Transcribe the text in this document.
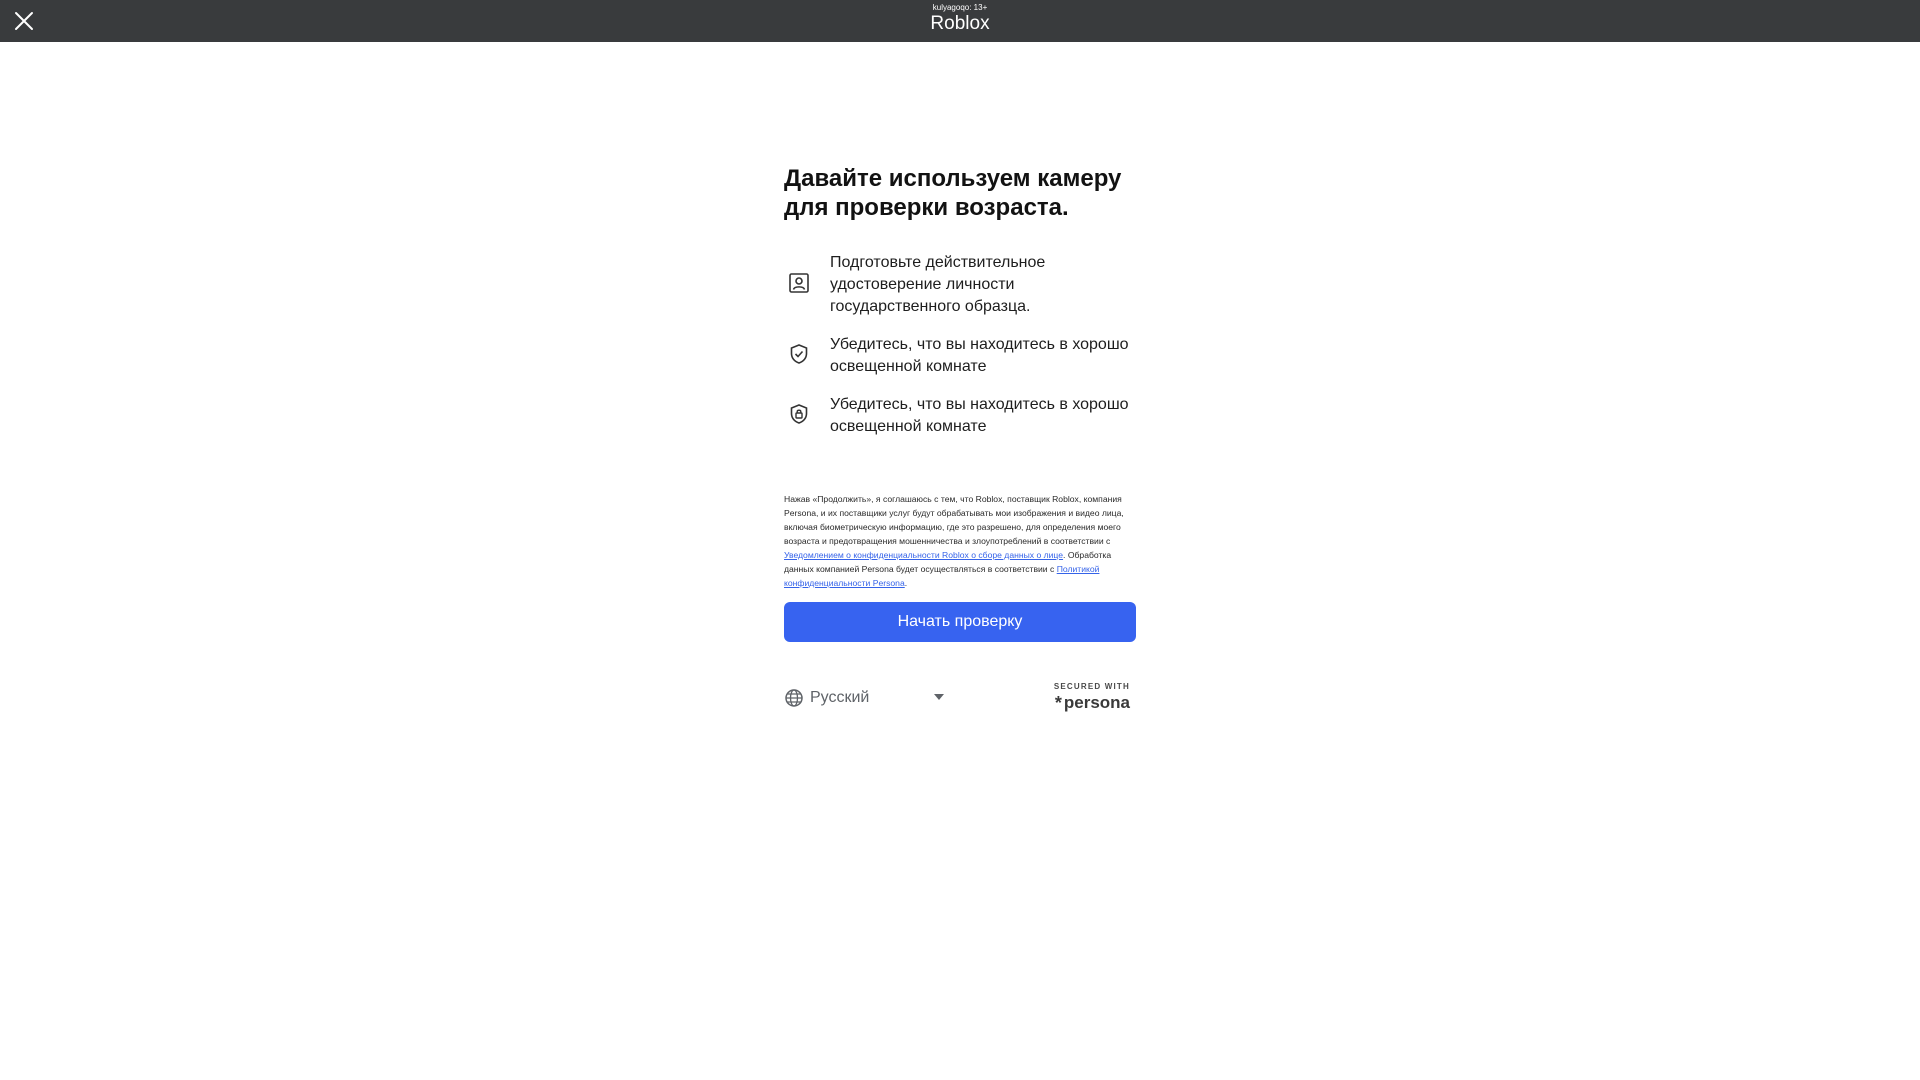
kulyagoqo: 13+
Roblox
Давайте используем камеру для проверки возраста.
Подготовьте действительное удостоверение личности государственного образца.
Убедитесь, что вы находитесь в хорошо освещенной комнате
Убедитесь, что вы находитесь в хорошо освещенной комнате
Нажав «Продолжить», я соглашаюсь с тем, что Roblox, поставщик Roblox, компания Persona, и их поставщики услуг будут обрабатывать мои изображения и видео лица, включая биометрическую информацию, где это разрешено, для определения моего возраста и предотвращения мошенничества и злоупотреблений в соответствии с Уведомлением о конфиденциальности Roblox о сборе данных о лице. Обработка данных компанией Persona будет осуществляться в соответствии с Политикой конфиденциальности Persona.
Начать проверку
Русский
SECURED WITH
* persona
